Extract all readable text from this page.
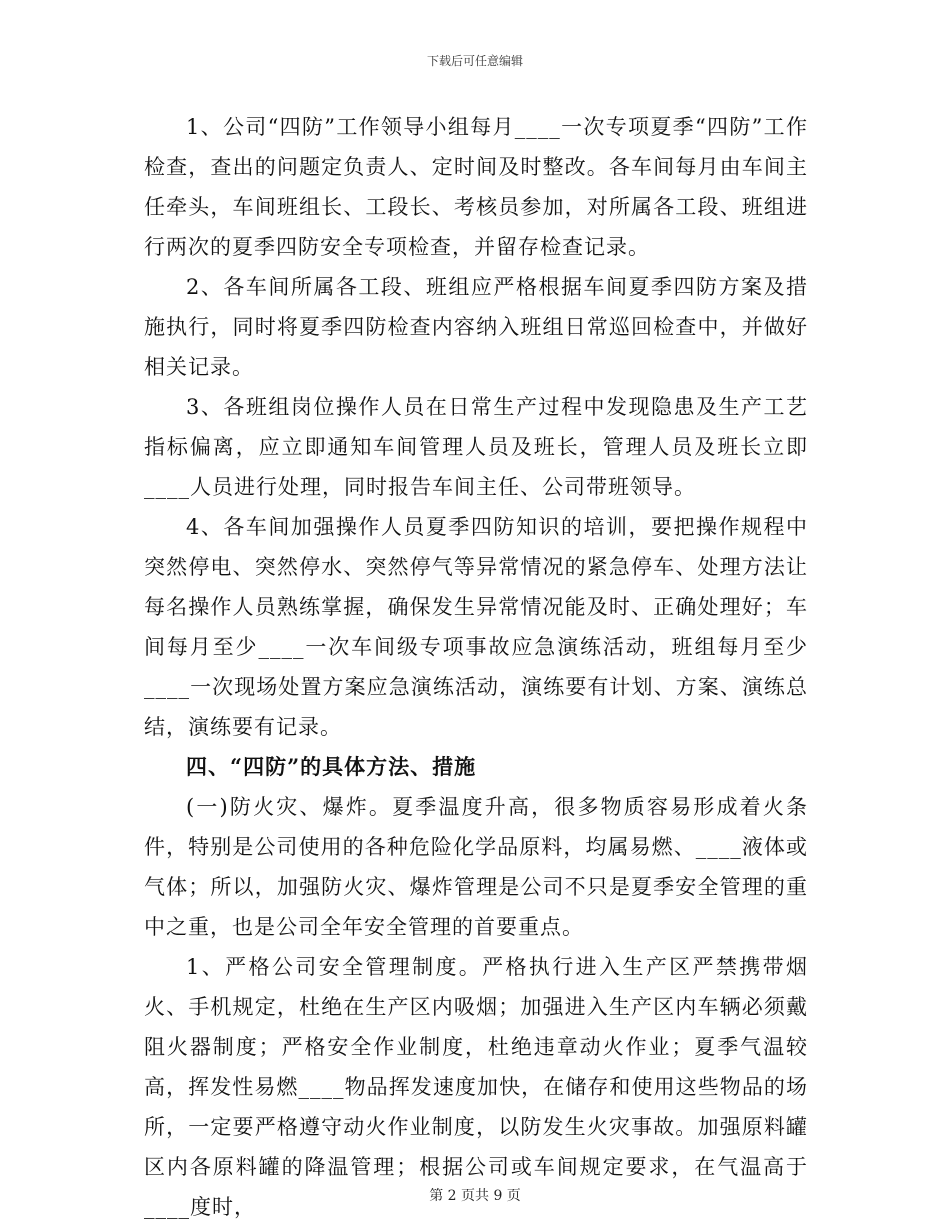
下载后可任意编辑

1、公司“四防”工作领导小组每月____一次专项夏季“四防”工作检查，查出的问题定负责人、定时间及时整改。各车间每月由车间主任牵头，车间班组长、工段长、考核员参加，对所属各工段、班组进行两次的夏季四防安全专项检查，并留存检查记录。

2、各车间所属各工段、班组应严格根据车间夏季四防方案及措施执行，同时将夏季四防检查内容纳入班组日常巡回检查中，并做好相关记录。

3、各班组岗位操作人员在日常生产过程中发现隐患及生产工艺指标偏离，应立即通知车间管理人员及班长，管理人员及班长立即____人员进行处理，同时报告车间主任、公司带班领导。

4、各车间加强操作人员夏季四防知识的培训，要把操作规程中突然停电、突然停水、突然停气等异常情况的紧急停车、处理方法让每名操作人员熟练掌握，确保发生异常情况能及时、正确处理好；车间每月至少____一次车间级专项事故应急演练活动，班组每月至少____一次现场处置方案应急演练活动，演练要有计划、方案、演练总结，演练要有记录。

四、“四防”的具体方法、措施

(一)防火灾、爆炸。夏季温度升高，很多物质容易形成着火条件，特别是公司使用的各种危险化学品原料，均属易燃、____液体或气体；所以，加强防火灾、爆炸管理是公司不只是夏季安全管理的重中之重，也是公司全年安全管理的首要重点。

1、严格公司安全管理制度。严格执行进入生产区严禁携带烟火、手机规定，杜绝在生产区内吸烟；加强进入生产区内车辆必须戴阻火器制度；严格安全作业制度，杜绝违章动火作业；夏季气温较高，挥发性易燃____物品挥发速度加快，在储存和使用这些物品的场所，一定要严格遵守动火作业制度，以防发生火灾事故。加强原料罐区内各原料罐的降温管理；根据公司或车间规定要求，在气温高于____度时，	第 2 页共 9 页
